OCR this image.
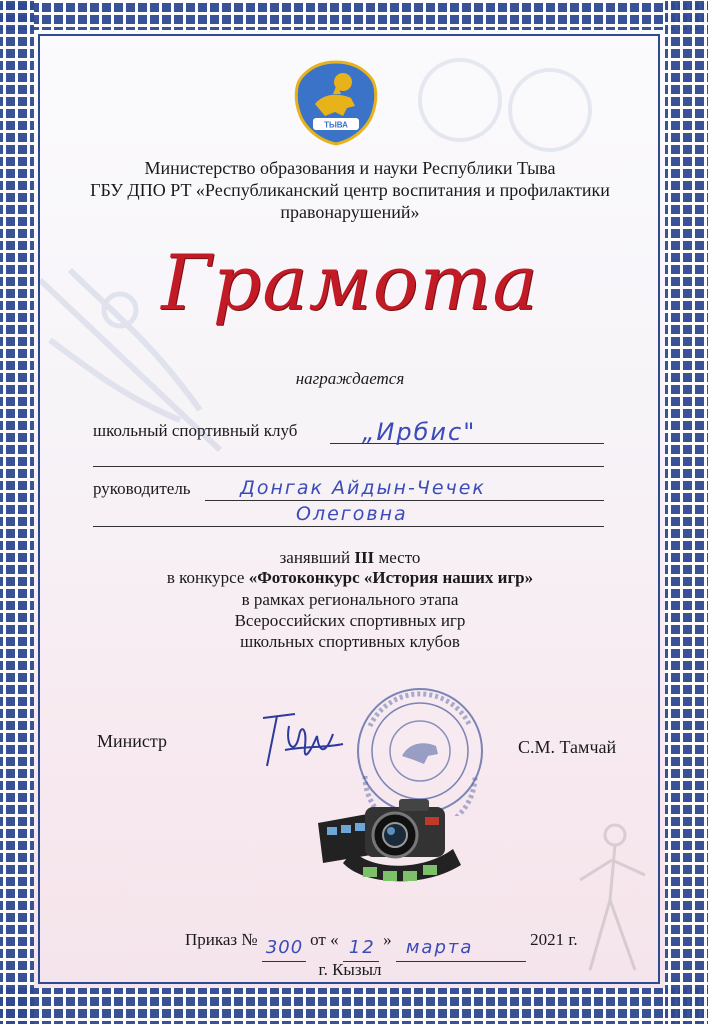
ТЫВА
Министерство образования и науки Республики Тыва
ГБУ ДПО РТ «Республиканский центр воспитания и профилактики
правонарушений»
Грамота
награждается
школьный спортивный клуб	„Ирбис"
руководитель	Донгак Айдын-Чечек
Олеговна
занявший III место
в конкурсе «Фотоконкурс «История наших игр»
в рамках регионального этапа
Всероссийских спортивных игр
школьных спортивных клубов
Министр	С.М. Тамчай
Приказ № 300 от « 12 » марта	2021 г.
г. Кызыл
